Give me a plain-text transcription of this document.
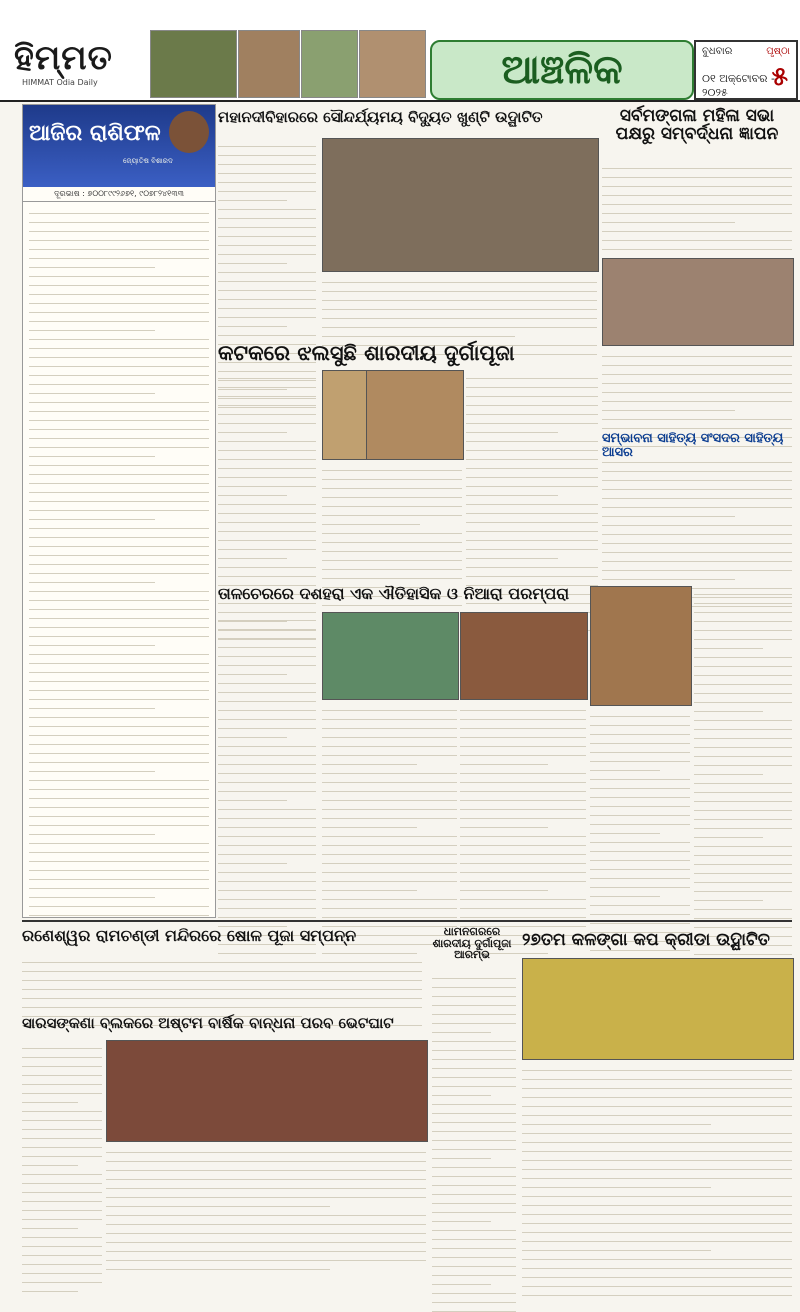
ହିମ୍ମତ
HIMMAT Odia Daily	ଆଞ୍ଚଳିକ	ବୁଧବାର
୦୧ ଅକ୍ଟୋବର - ୨୦୨୫
ପୃଷ୍ଠା
୫
ଆଜିର ରାଶିଫଳ
ଜ୍ୟୋତିଷ ବିଶାରଦ
ଦୂରଭାଷ : ୭୦୦୮୯୯୨୬୭୧, ୯୦୭୮୨୪୧୩୩
ମହାନଦୀବିହାରରେ ସୌନ୍ଦର୍ଯ୍ୟମୟ ବିଦ୍ୟୁତ ଖୁଣ୍ଟି ଉଦ୍ଘାଟିତ	ସର୍ବମଙ୍ଗଳା ମହିଳା ସଭା ପକ୍ଷରୁ ସମ୍ବର୍ଦ୍ଧନା ଜ୍ଞାପନ
କଟକରେ ଝଲସୁଛି ଶାରଦୀୟ ଦୁର୍ଗାପୂଜା
ସମ୍ଭାବନା ସାହିତ୍ୟ ସଂସଦର ସାହିତ୍ୟ ଆସର
ତାଳଚେରରେ ଦଶହରା ଏକ ଐତିହାସିକ ଓ ନିଆରା ପରମ୍ପରା
ରଣେଶ୍ୱର ରାମଚଣ୍ଡୀ ମନ୍ଦିରରେ ଷୋଳ ପୂଜା ସମ୍ପନ୍ନ	ଧାମନଗରରେ ଶାରଦୀୟ ଦୁର୍ଗାପୂଜା ଆରମ୍ଭ
୨୭ତମ କଳଙ୍ଗା କପ କ୍ରୀଡା ଉଦ୍ଘାଟିତ
ସାରସଙ୍କଣା ବ୍ଲକରେ ଅଷ୍ଟମ ବାର୍ଷିକ ବାନ୍ଧନା ପରବ ଭେଟଘାଟ
